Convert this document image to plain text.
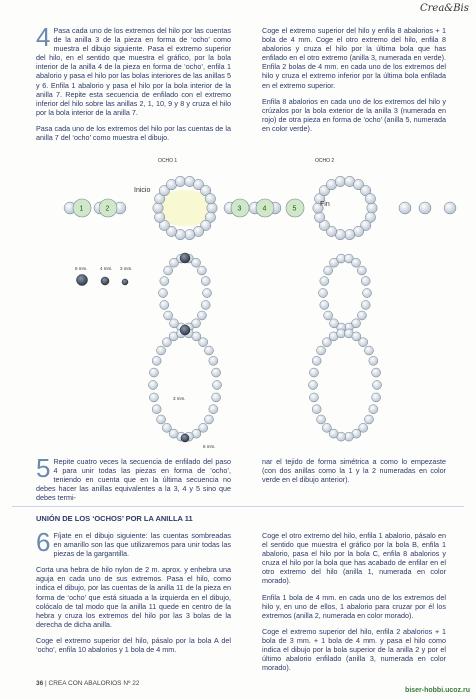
Crea&Bis

4 Pasa cada uno de los extremos del hilo por las cuentas de la anilla 3 de la pieza en forma de ‘ocho’ como muestra el dibujo siguiente. Pasa el extremo superior del hilo, en el sentido que muestra el gráfico, por la bola interior de la anilla 4 de la pieza en forma de ‘ocho’, enfila 1 abalorio y pasa el hilo por las bolas interiores de las anillas 5 y 6. Enfila 1 abalorio y pasa el hilo por la bola interior de la anilla 7. Repite esta secuencia de enfilado con el extremo inferior del hilo sobre las anillas 2, 1, 10, 9 y 8 y cruza el hilo por la bola interior de la anilla 7.

Pasa cada uno de los extremos del hilo por las cuentas de la anilla 7 del ‘ocho’ como muestra el dibujo.

Coge el extremo superior del hilo y enfila 8 abalorios + 1 bola de 4 mm. Coge el otro extremo del hilo, enfila 8 abalorios y cruza el hilo por la última bola que has enfilado en el otro extremo (anilla 3, numerada en verde). Enfila 2 bolas de 4 mm. en cada uno de los extremos del hilo y cruza el extremo inferior por la última bola enfilada en el extremo superior.

Enfila 8 abalorios en cada uno de los extremos del hilo y crúzalos por la bola exterior de la anilla 3 (numerada en rojo) de otra pieza en forma de ‘ocho’ (anilla 5, numerada en color verde).

1	2	3	4	5
OCHO 1	OCHO 2
Inicio
Fin
6 mm.	4 mm. 3 mm.
3 mm.
6 mm.

5 Repite cuatro veces la secuencia de enfilado del paso 4 para unir todas las piezas en forma de ‘ocho’, teniendo en cuenta que en la última secuencia no debes hacer las anillas equivalentes a la 3, 4 y 5 sino que debes termi-

nar el tejido de forma simétrica a como lo empezaste (con dos anillas como la 1 y la 2 numeradas en color verde en el dibujo anterior).

UNIÓN DE LOS ‘OCHOS’ POR LA ANILLA 11

6 Fíjate en el dibujo siguiente: las cuentas sombreadas en amarillo son las que utilizaremos para unir todas las piezas de la gargantilla.

Corta una hebra de hilo nylon de 2 m. aprox. y enhebra una aguja en cada uno de sus extremos. Pasa el hilo, como indica el dibujo, por las cuentas de la anilla 11 de la pieza en forma de ‘ocho’ que está situada a la izquierda en el dibujo, colócalo de tal modo que la anilla 11 quede en centro de la hebra y cruza los extremos del hilo por las 3 bolas de la derecha de dicha anilla.

Coge el extremo superior del hilo, pásalo por la bola A del ‘ocho’, enfila 10 abalorios y 1 bola de 4 mm.

Coge el otro extremo del hilo, enfila 1 abalorio, pásalo en el sentido que muestra el gráfico por la bola B, enfila 1 abalorio, pasa el hilo por la bola C, enfila 8 abalorios y cruza el hilo por la bola que has acabado de enfilar en el otro extremo del hilo (anilla 1, numerada en color morado).

Enfila 1 bola de 4 mm. en cada uno de los extremos del hilo y, en uno de ellos, 1 abalorio para cruzar por él los extremos (anilla 2, numerada en color morado).

Coge el extremo superior del hilo, enfila 2 abalorios + 1 bola de 3 mm. + 1 bola de 4 mm. y pasa el hilo como indica el dibujo por la bola superior de la anilla 2 y por el último abalorio enfilado (anilla 3, numerada en color morado).

36 | CREA CON ABALORIOS Nº 22
biser-hobbi.ucoz.ru
